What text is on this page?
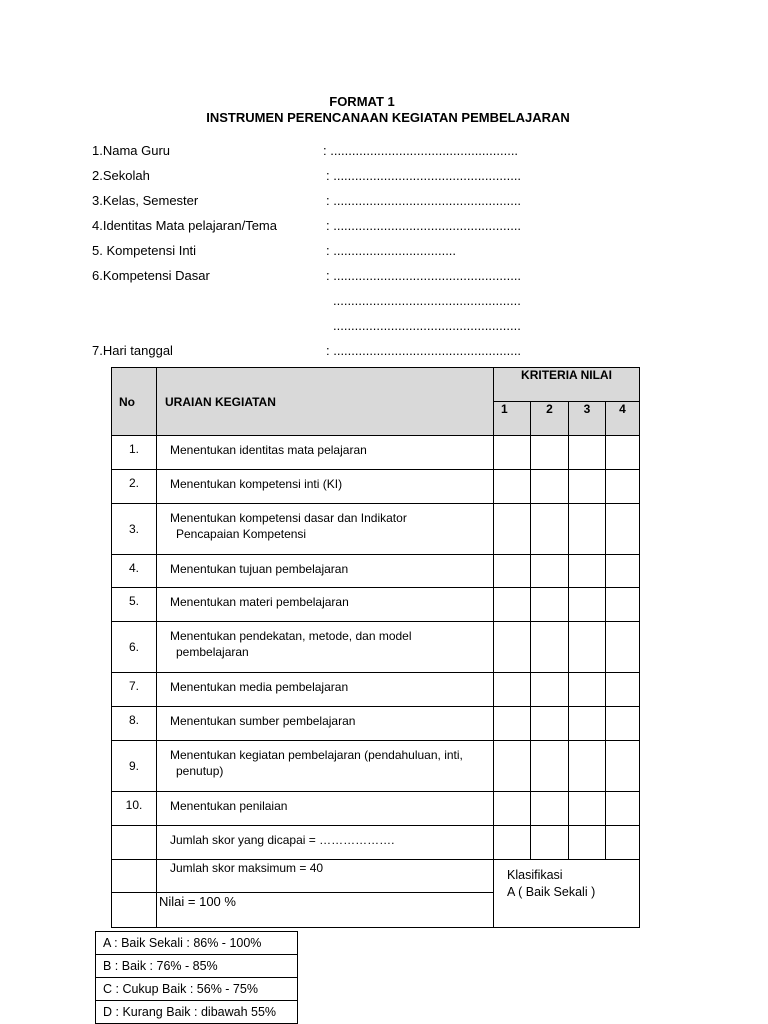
FORMAT 1
INSTRUMEN PERENCANAAN KEGIATAN PEMBELAJARAN
1.Nama Guru	: ....................................................
2.Sekolah	: ....................................................
3.Kelas, Semester	: ....................................................
4.Identitas Mata pelajaran/Tema	: ....................................................
5. Kompetensi Inti	: ..................................
6.Kompetensi Dasar	: ....................................................
....................................................
....................................................
7.Hari tanggal	: ....................................................
No	URAIAN KEGIATAN	KRITERIA NILAI			
		1	2	3	4
1.	Menentukan identitas mata pelajaran				

2.	Menentukan kompetensi inti (KI)				

3.	Menentukan kompetensi dasar dan Indikator
Pencapaian Kompetensi				

4.	Menentukan tujuan pembelajaran				

5.	Menentukan materi pembelajaran				

6.	Menentukan pendekatan, metode, dan model
pembelajaran				

7.	Menentukan media pembelajaran				

8.	Menentukan sumber pembelajaran				

9.	Menentukan kegiatan pembelajaran (pendahuluan, inti,
penutup)				

10.	Menentukan penilaian				

	Jumlah skor yang dicapai = ……………….				
	Jumlah skor maksimum = 40	Klasifikasi
A ( Baik Sekali )			

	Nilai = 100 %				
A : Baik Sekali : 86% - 100%
B : Baik : 76% - 85%
C : Cukup Baik : 56% - 75%
D : Kurang Baik : dibawah 55%
